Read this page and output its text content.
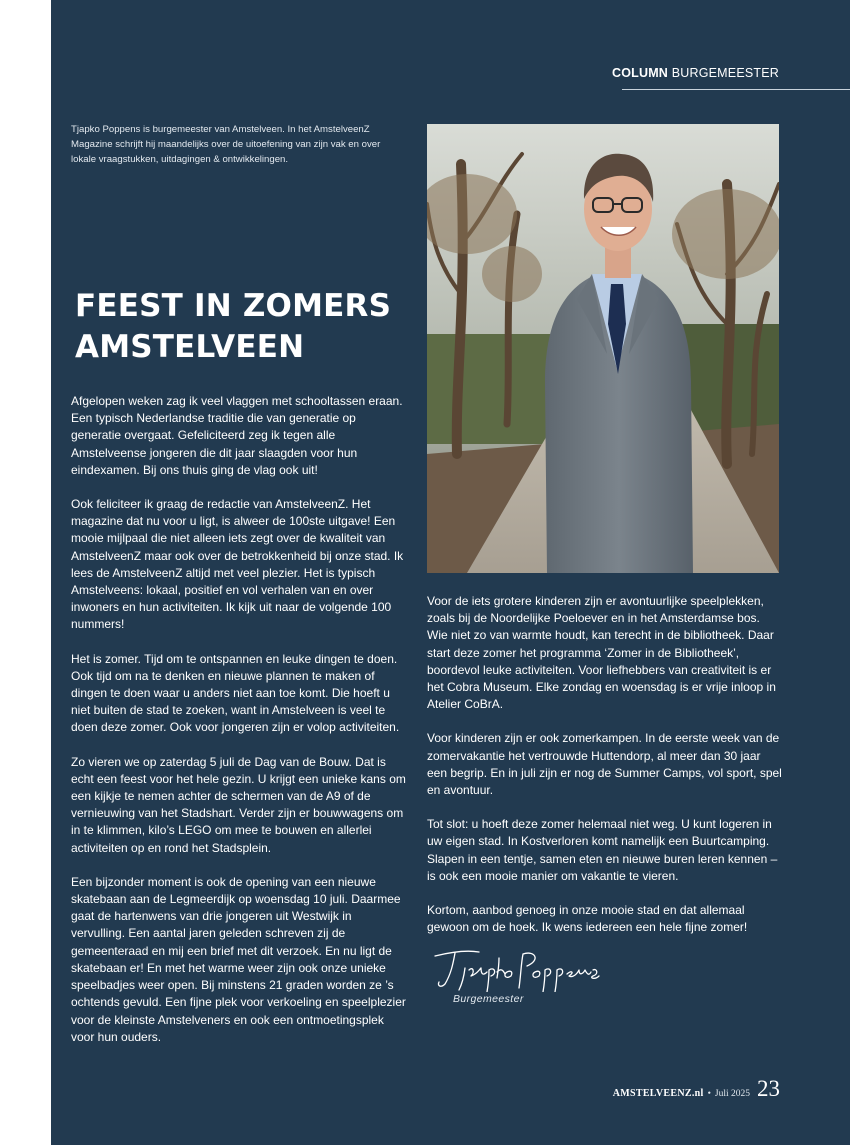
COLUMN BURGEMEESTER
Tjapko Poppens is burgemeester van Amstelveen. In het AmstelveenZ Magazine schrijft hij maandelijks over de uitoefening van zijn vak en over lokale vraagstukken, uitdagingen & ontwikkelingen.
FEEST IN ZOMERS
AMSTELVEEN

Afgelopen weken zag ik veel vlaggen met schooltassen eraan. Een typisch Nederlandse traditie die van generatie op generatie overgaat. Gefeliciteerd zeg ik tegen alle Amstelveense jongeren die dit jaar slaagden voor hun eindexamen. Bij ons thuis ging de vlag ook uit!

Ook feliciteer ik graag de redactie van AmstelveenZ. Het magazine dat nu voor u ligt, is alweer de 100ste uitgave! Een mooie mijlpaal die niet alleen iets zegt over de kwaliteit van AmstelveenZ maar ook over de betrokkenheid bij onze stad. Ik lees de AmstelveenZ altijd met veel plezier. Het is typisch Amstelveens: lokaal, positief en vol verhalen van en over inwoners en hun activiteiten. Ik kijk uit naar de volgende 100 nummers!

Het is zomer. Tijd om te ontspannen en leuke dingen te doen. Ook tijd om na te denken en nieuwe plannen te maken of dingen te doen waar u anders niet aan toe komt. Die hoeft u niet buiten de stad te zoeken, want in Amstelveen is veel te doen deze zomer. Ook voor jongeren zijn er volop activiteiten.

Zo vieren we op zaterdag 5 juli de Dag van de Bouw. Dat is echt een feest voor het hele gezin. U krijgt een unieke kans om een kijkje te nemen achter de schermen van de A9 of de vernieuwing van het Stadshart. Verder zijn er bouwwagens om in te klimmen, kilo’s LEGO om mee te bouwen en allerlei activiteiten op en rond het Stadsplein.

Een bijzonder moment is ook de opening van een nieuwe skatebaan aan de Legmeerdijk op woensdag 10 juli. Daarmee gaat de hartenwens van drie jongeren uit Westwijk in vervulling. Een aantal jaren geleden schreven zij de gemeenteraad en mij een brief met dit verzoek. En nu ligt de skatebaan er! En met het warme weer zijn ook onze unieke speelbadjes weer open. Bij minstens 21 graden worden ze ’s ochtends gevuld. Een fijne plek voor verkoeling en speelplezier voor de kleinste Amstelveners en ook een ontmoetingsplek voor hun ouders.

Voor de iets grotere kinderen zijn er avontuurlijke speelplekken, zoals bij de Noordelijke Poeloever en in het Amsterdamse bos. Wie niet zo van warmte houdt, kan terecht in de bibliotheek. Daar start deze zomer het programma ‘Zomer in de Bibliotheek’, boordevol leuke activiteiten. Voor liefhebbers van creativiteit is er het Cobra Museum. Elke zondag en woensdag is er vrije inloop in Atelier CoBrA.

Voor kinderen zijn er ook zomerkampen. In de eerste week van de zomervakantie het vertrouwde Huttendorp, al meer dan 30 jaar een begrip. En in juli zijn er nog de Summer Camps, vol sport, spel en avontuur.

Tot slot: u hoeft deze zomer helemaal niet weg. U kunt logeren in uw eigen stad. In Kostverloren komt namelijk een Buurtcamping. Slapen in een tentje, samen eten en nieuwe buren leren kennen – is ook een mooie manier om vakantie te vieren.

Kortom, aanbod genoeg in onze mooie stad en dat allemaal gewoon om de hoek. Ik wens iedereen een hele fijne zomer!

Burgemeester
AMSTELVEENZ.nl • Juli 2025 23
